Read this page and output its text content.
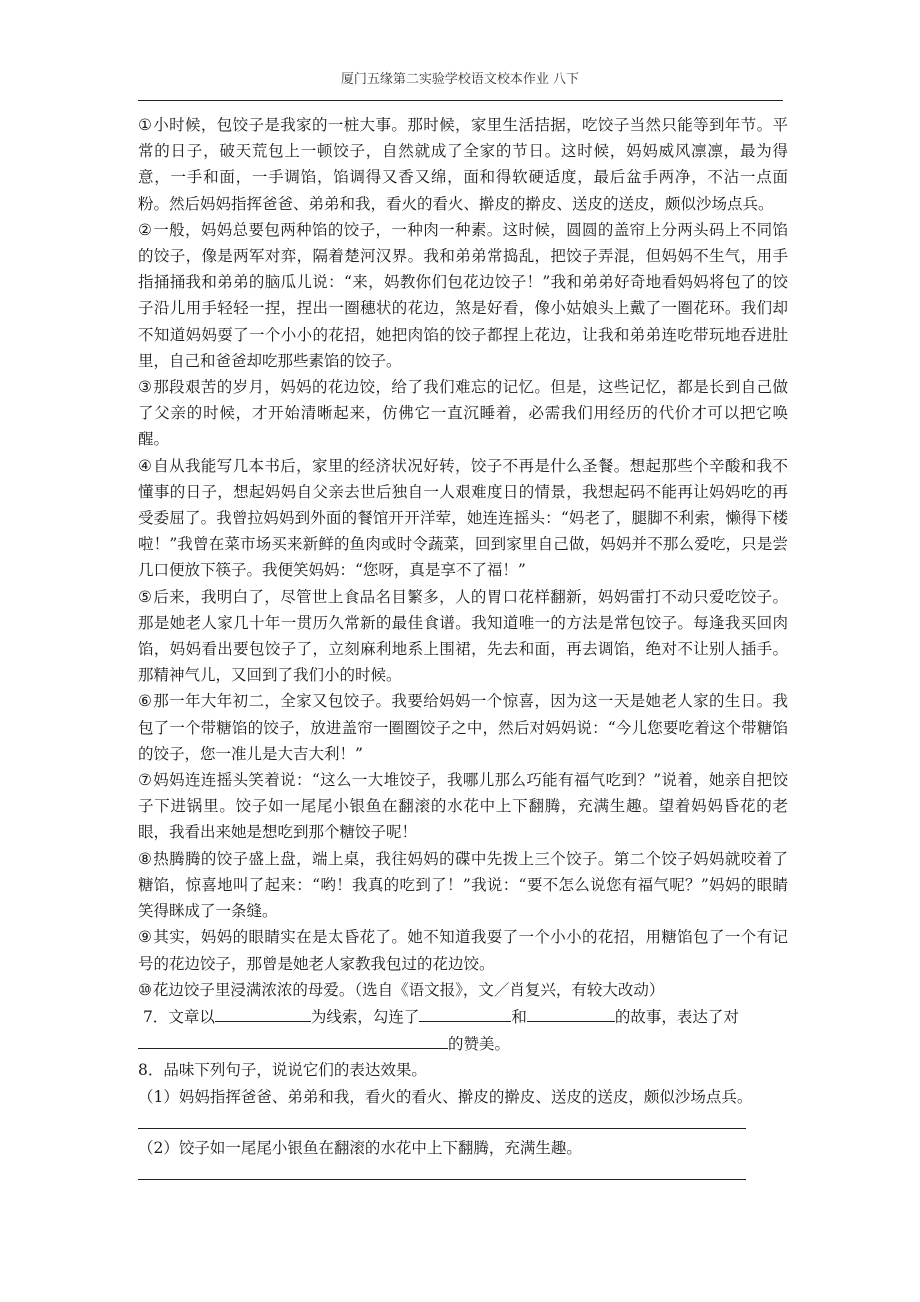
厦门五缘第二实验学校语文校本作业 八下

①小时候，包饺子是我家的一桩大事。那时候，家里生活拮据，吃饺子当然只能等到年节。平常的日子，破天荒包上一顿饺子，自然就成了全家的节日。这时候，妈妈威风凛凛，最为得意，一手和面，一手调馅，馅调得又香又绵，面和得软硬适度，最后盆手两净，不沾一点面粉。然后妈妈指挥爸爸、弟弟和我，看火的看火、擀皮的擀皮、送皮的送皮，颇似沙场点兵。

②一般，妈妈总要包两种馅的饺子，一种肉一种素。这时候，圆圆的盖帘上分两头码上不同馅的饺子，像是两军对弈，隔着楚河汉界。我和弟弟常捣乱，把饺子弄混，但妈妈不生气，用手指捅捅我和弟弟的脑瓜儿说：“来，妈教你们包花边饺子！”我和弟弟好奇地看妈妈将包了的饺子沿儿用手轻轻一捏，捏出一圈穗状的花边，煞是好看，像小姑娘头上戴了一圈花环。我们却不知道妈妈耍了一个小小的花招，她把肉馅的饺子都捏上花边，让我和弟弟连吃带玩地吞进肚里，自己和爸爸却吃那些素馅的饺子。

③那段艰苦的岁月，妈妈的花边饺，给了我们难忘的记忆。但是，这些记忆，都是长到自己做了父亲的时候，才开始清晰起来，仿佛它一直沉睡着，必需我们用经历的代价才可以把它唤醒。

④自从我能写几本书后，家里的经济状况好转，饺子不再是什么圣餐。想起那些个辛酸和我不懂事的日子，想起妈妈自父亲去世后独自一人艰难度日的情景，我想起码不能再让妈妈吃的再受委屈了。我曾拉妈妈到外面的餐馆开开洋荤，她连连摇头：“妈老了，腿脚不利索，懒得下楼啦！”我曾在菜市场买来新鲜的鱼肉或时令蔬菜，回到家里自己做，妈妈并不那么爱吃，只是尝几口便放下筷子。我便笑妈妈：“您呀，真是享不了福！”

⑤后来，我明白了，尽管世上食品名目繁多，人的胃口花样翻新，妈妈雷打不动只爱吃饺子。那是她老人家几十年一贯历久常新的最佳食谱。我知道唯一的方法是常包饺子。每逢我买回肉馅，妈妈看出要包饺子了，立刻麻利地系上围裙，先去和面，再去调馅，绝对不让别人插手。那精神气儿，又回到了我们小的时候。

⑥那一年大年初二，全家又包饺子。我要给妈妈一个惊喜，因为这一天是她老人家的生日。我包了一个带糖馅的饺子，放进盖帘一圈圈饺子之中，然后对妈妈说：“今儿您要吃着这个带糖馅的饺子，您一准儿是大吉大利！”

⑦妈妈连连摇头笑着说：“这么一大堆饺子，我哪儿那么巧能有福气吃到？”说着，她亲自把饺子下进锅里。饺子如一尾尾小银鱼在翻滚的水花中上下翻腾，充满生趣。望着妈妈昏花的老眼，我看出来她是想吃到那个糖饺子呢！

⑧热腾腾的饺子盛上盘，端上桌，我往妈妈的碟中先拨上三个饺子。第二个饺子妈妈就咬着了糖馅，惊喜地叫了起来：“哟！我真的吃到了！”我说：“要不怎么说您有福气呢？”妈妈的眼睛笑得眯成了一条缝。

⑨其实，妈妈的眼睛实在是太昏花了。她不知道我耍了一个小小的花招，用糖馅包了一个有记号的花边饺子，那曾是她老人家教我包过的花边饺。

⑩花边饺子里浸满浓浓的母爱。（选自《语文报》，文／肖复兴，有较大改动）

7．文章以	为线索，勾连了	和	的故事，表达了对
的赞美。

8．品味下列句子，说说它们的表达效果。

（1）妈妈指挥爸爸、弟弟和我，看火的看火、擀皮的擀皮、送皮的送皮，颇似沙场点兵。

（2）饺子如一尾尾小银鱼在翻滚的水花中上下翻腾，充满生趣。
